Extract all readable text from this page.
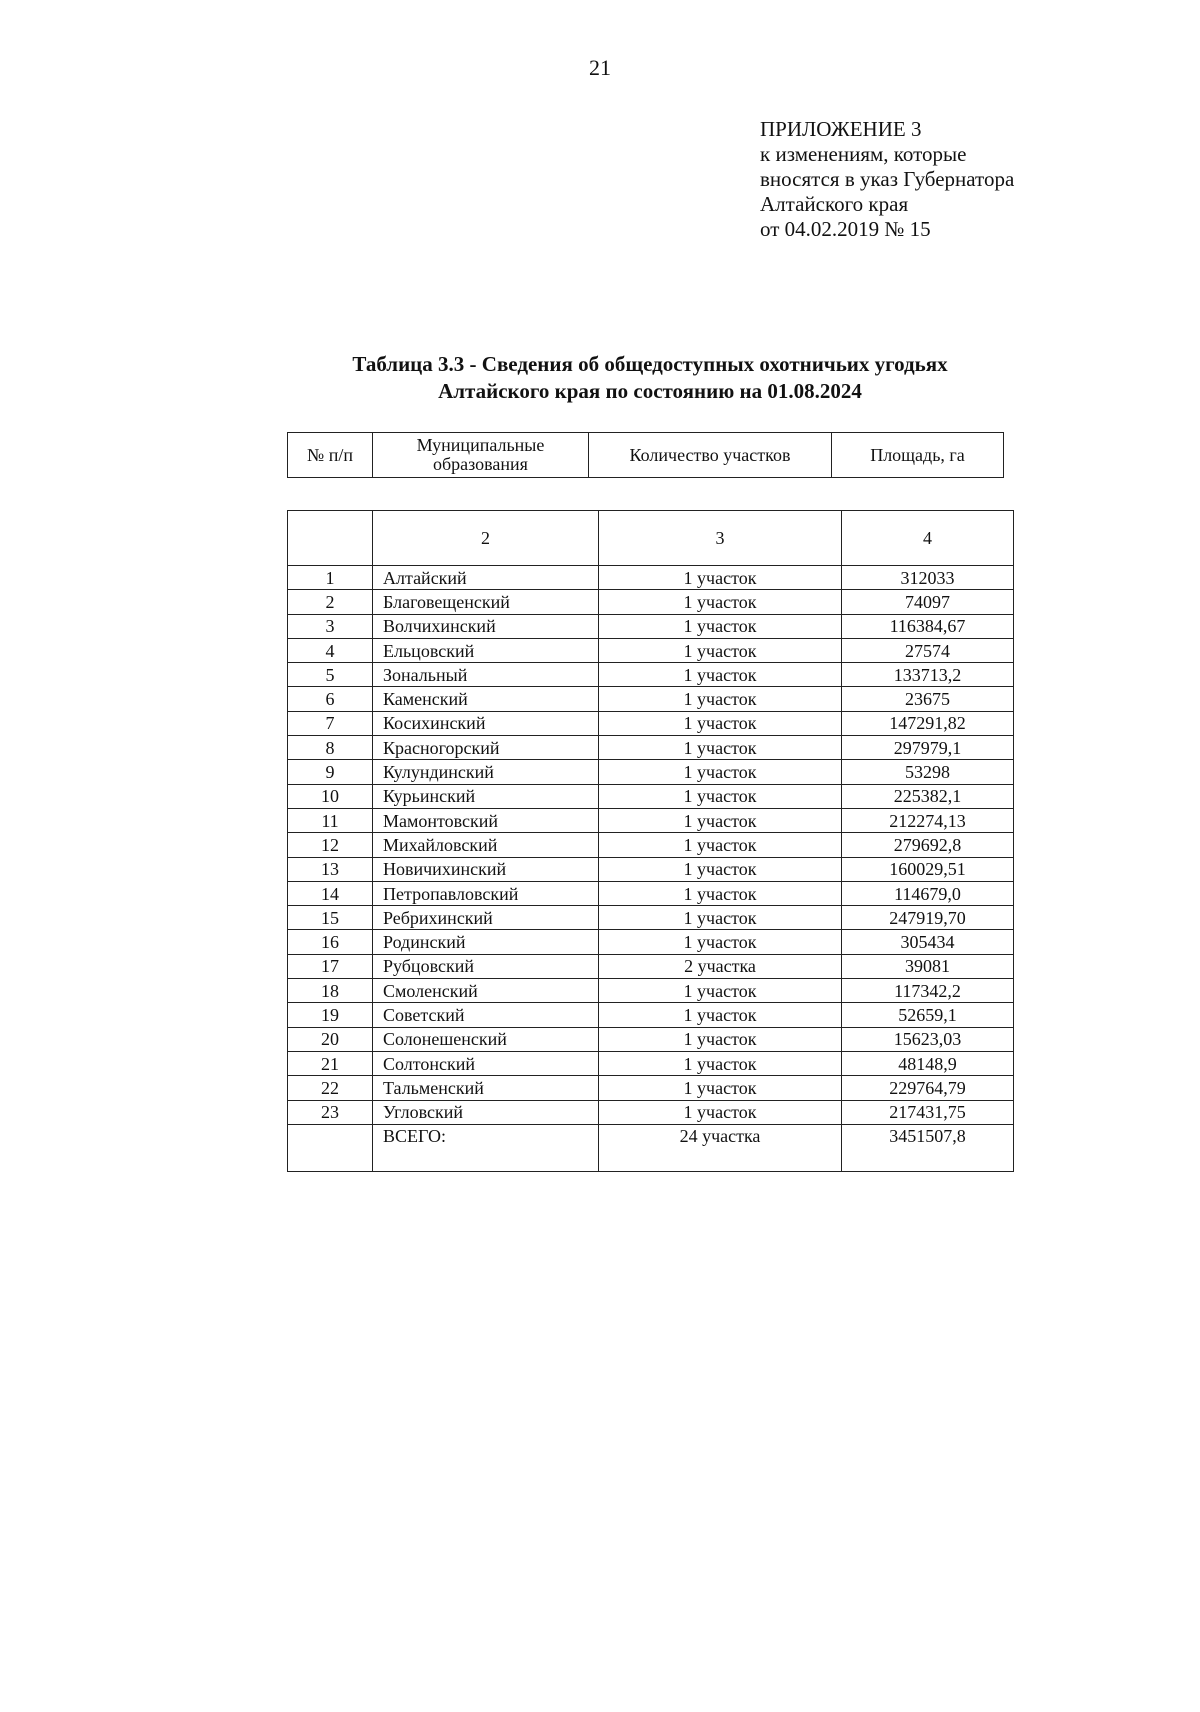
21
ПРИЛОЖЕНИЕ 3
к изменениям, которые
вносятся в указ Губернатора
Алтайского края
от 04.02.2019 № 15
Таблица 3.3 - Сведения об общедоступных охотничьих угодьях
Алтайского края по состоянию на 01.08.2024
№ п/п	Муниципальные образования	Количество участков	Площадь, га
	2	3	4
1	Алтайский	1 участок	312033
2	Благовещенский	1 участок	74097
3	Волчихинский	1 участок	116384,67
4	Ельцовский	1 участок	27574
5	Зональный	1 участок	133713,2
6	Каменский	1 участок	23675
7	Косихинский	1 участок	147291,82
8	Красногорский	1 участок	297979,1
9	Кулундинский	1 участок	53298
10	Курьинский	1 участок	225382,1
11	Мамонтовский	1 участок	212274,13
12	Михайловский	1 участок	279692,8
13	Новичихинский	1 участок	160029,51
14	Петропавловский	1 участок	114679,0
15	Ребрихинский	1 участок	247919,70
16	Родинский	1 участок	305434
17	Рубцовский	2 участка	39081
18	Смоленский	1 участок	117342,2
19	Советский	1 участок	52659,1
20	Солонешенский	1 участок	15623,03
21	Солтонский	1 участок	48148,9
22	Тальменский	1 участок	229764,79
23	Угловский	1 участок	217431,75
	ВСЕГО:	24 участка	3451507,8
